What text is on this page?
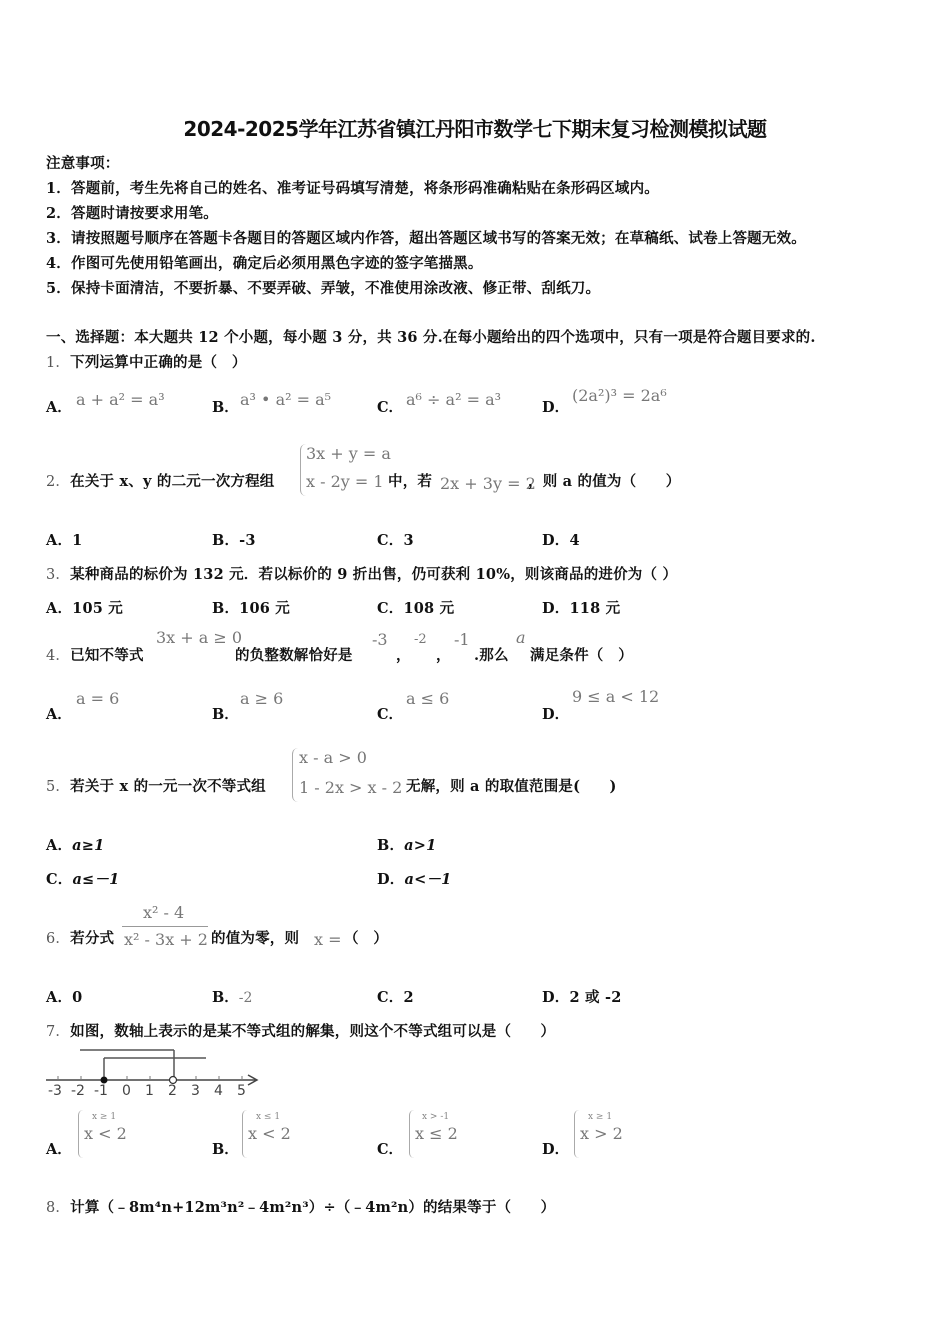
2024-2025学年江苏省镇江丹阳市数学七下期末复习检测模拟试题
注意事项：
1．答题前，考生先将自己的姓名、准考证号码填写清楚，将条形码准确粘贴在条形码区域内。
2．答题时请按要求用笔。
3．请按照题号顺序在答题卡各题目的答题区域内作答，超出答题区域书写的答案无效；在草稿纸、试卷上答题无效。
4．作图可先使用铅笔画出，确定后必须用黑色字迹的签字笔描黑。
5．保持卡面清洁，不要折暴、不要弄破、弄皱，不准使用涂改液、修正带、刮纸刀。
一、选择题：本大题共 12 个小题，每小题 3 分，共 36 分.在每小题给出的四个选项中，只有一项是符合题目要求的.
1．下列运算中正确的是（　）
A． a + a² = a³	B． a³ • a² = a⁵	C． a⁶ ÷ a² = a³	D．
(2a²)³ = 2a⁶
2．在关于 x、y 的二元一次方程组
3x + y = a
x - 2y = 1 中，若 2x + 3y = 2
，则 a 的值为（　　）
A．1	B．-3	C．3	D．4
3．某种商品的标价为 132 元．若以标价的 9 折出售，仍可获利 10%，则该商品的进价为（ ）
A．105 元	B．106 元	C．108 元	D．118 元
4．已知不等式
3x + a ≥ 0
的负整数解恰好是
-3
，
-2
，
-1
.那么
a
满足条件（　）
A．
a = 6
B．
a ≥ 6
C．
a ≤ 6
D．
9 ≤ a < 12
5．若关于 x 的一元一次不等式组
x - a > 0
1 - 2x > x - 2 无解，则 a 的取值范围是(　　)
A．a≥1	B．a>1
C．a≤－1	D．a<－1
6．若分式
x² - 4
x² - 3x + 2 的值为零，则 x = （　）
A．0	B．-2	C．2	D．2 或 -2
7．如图，数轴上表示的是某不等式组的解集，则这个不等式组可以是（　　）
-3 -2 -1 0 1 2 3 4 5
A．
x ≥ 1
x < 2
B．
x ≤ 1
x < 2
C．
x > -1
x ≤ 2
D．
x ≥ 1
x > 2
8．计算（﹣8m⁴n+12m³n²﹣4m²n³）÷（﹣4m²n）的结果等于（　　）
